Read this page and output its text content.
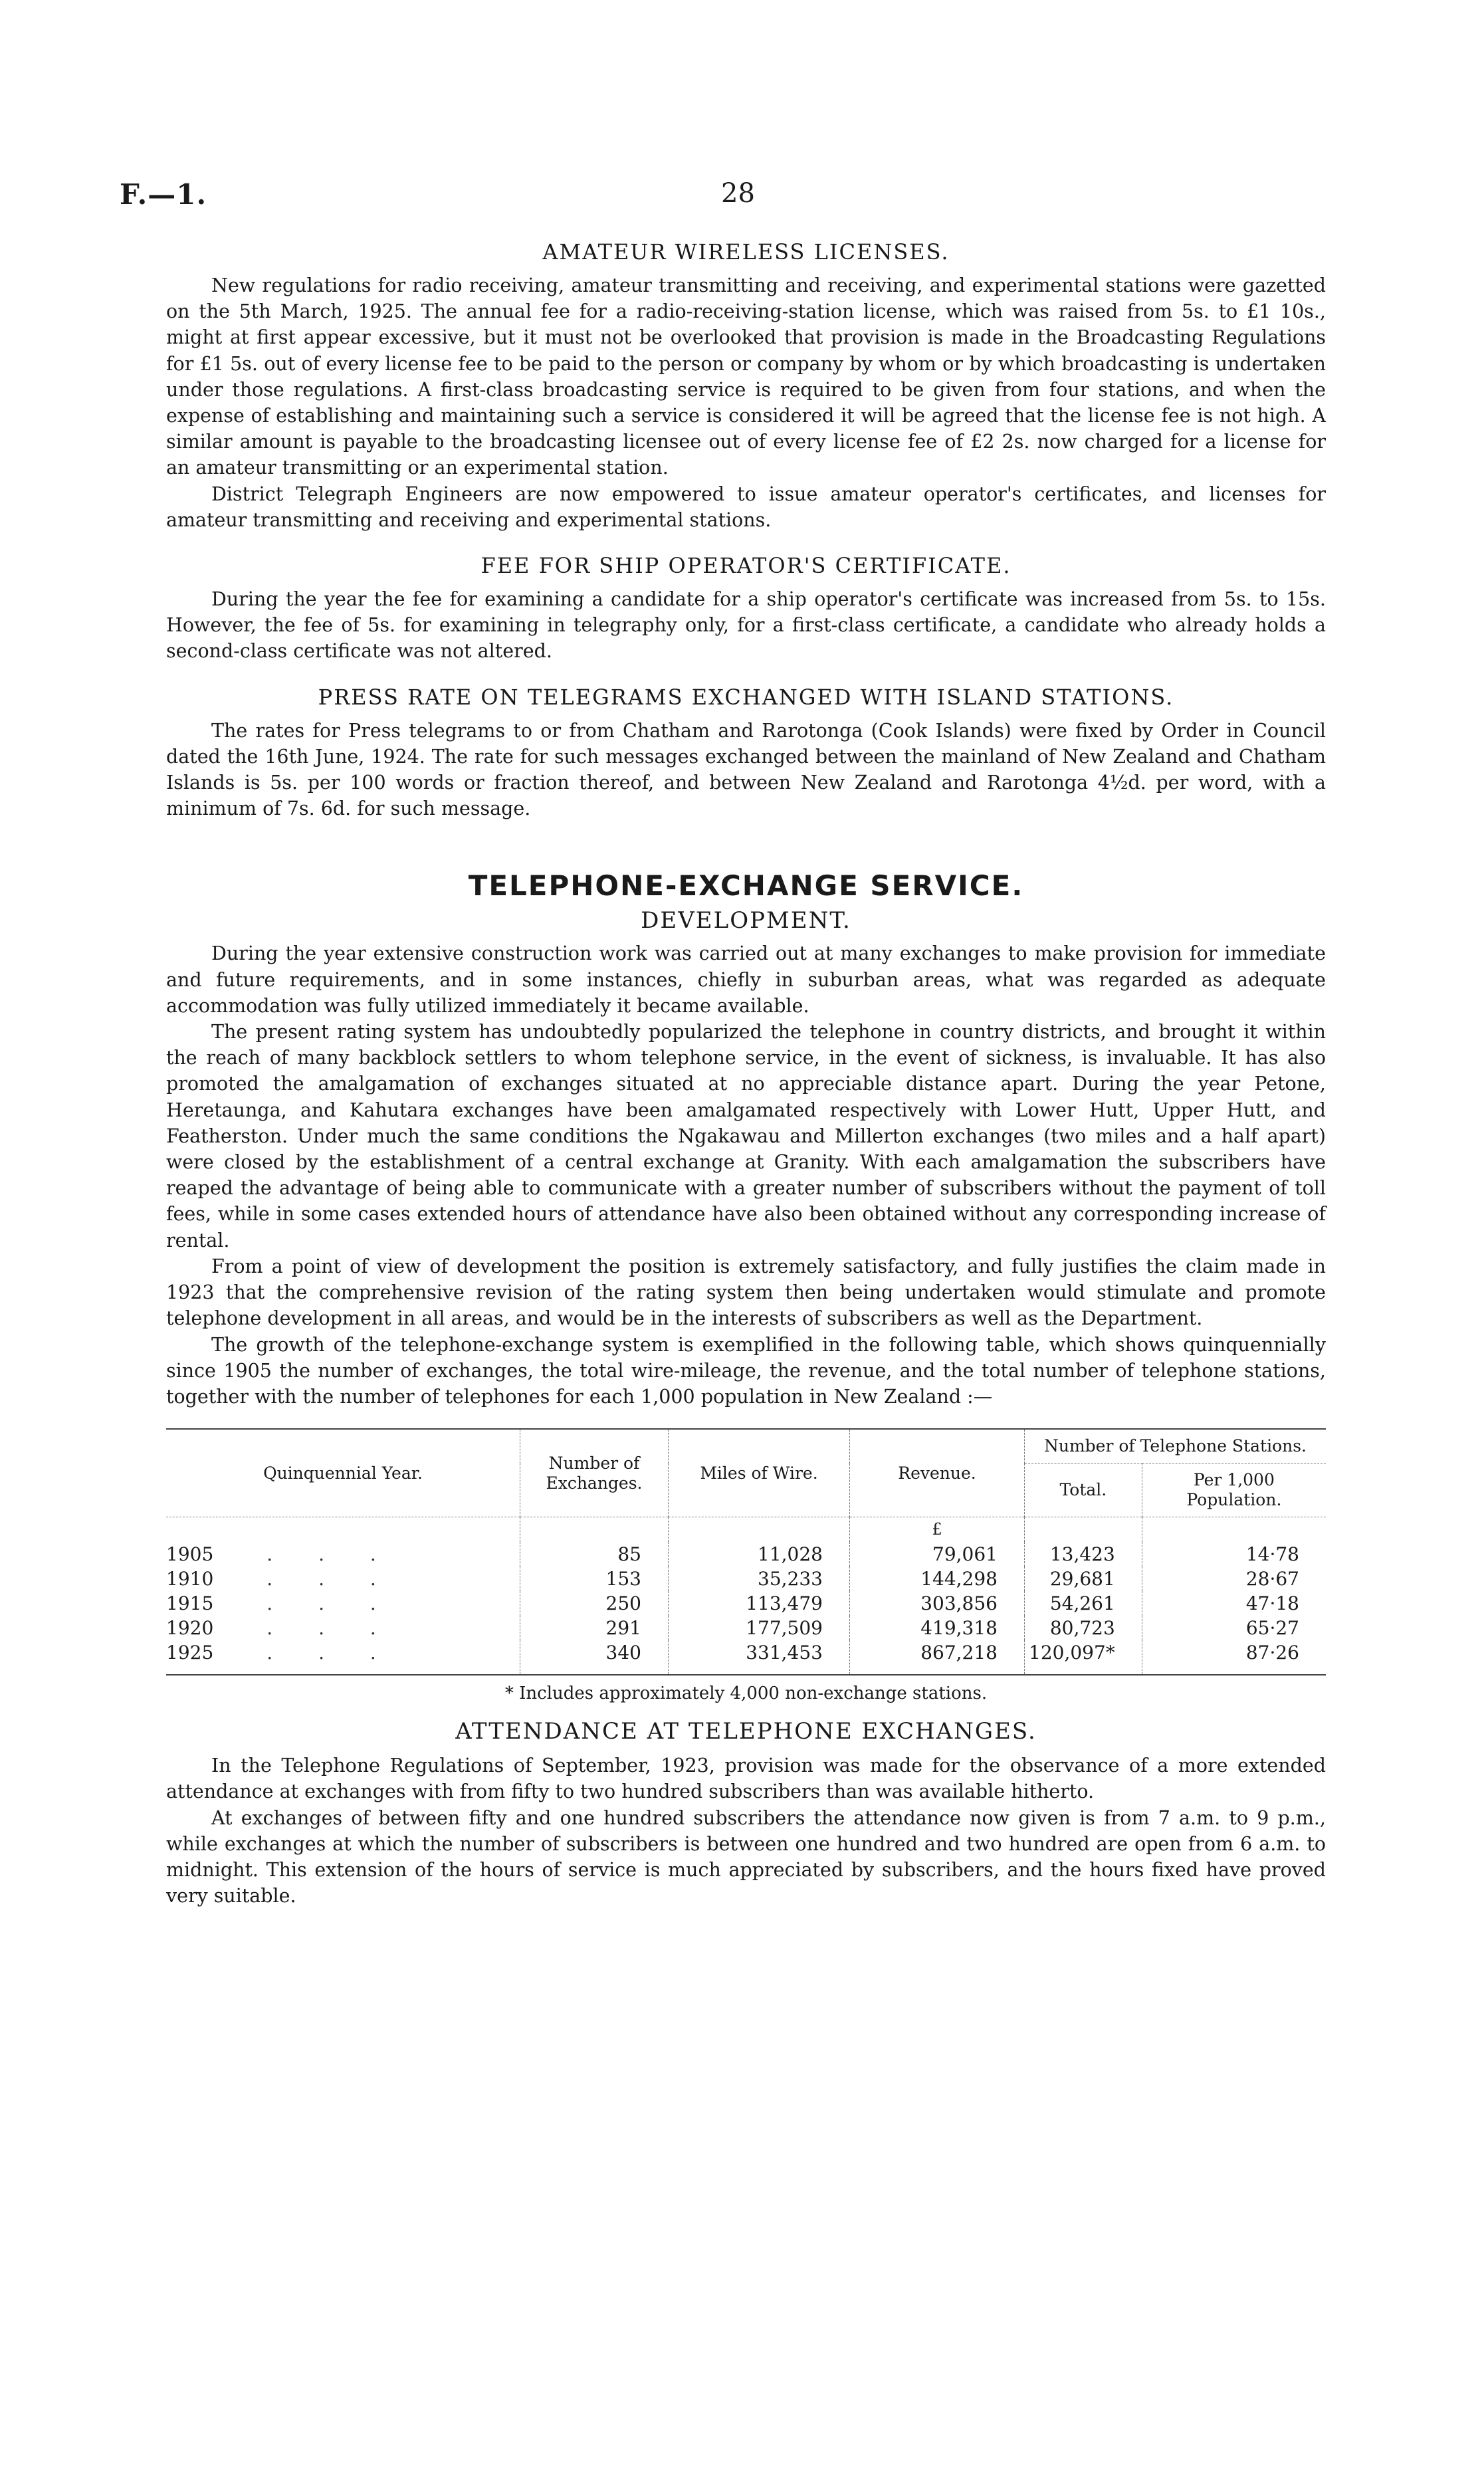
F.—1.	28
AMATEUR WIRELESS LICENSES.

New regulations for radio receiving, amateur transmitting and receiving, and experimental stations were gazetted on the 5th March, 1925. The annual fee for a radio-receiving-station license, which was raised from 5s. to £1 10s., might at first appear excessive, but it must not be overlooked that provision is made in the Broadcasting Regulations for £1 5s. out of every license fee to be paid to the person or company by whom or by which broadcasting is undertaken under those regulations. A first-class broadcasting service is required to be given from four stations, and when the expense of establishing and maintaining such a service is considered it will be agreed that the license fee is not high. A similar amount is payable to the broadcasting licensee out of every license fee of £2 2s. now charged for a license for an amateur transmitting or an experimental station.

District Telegraph Engineers are now empowered to issue amateur operator's certificates, and licenses for amateur transmitting and receiving and experimental stations.

FEE FOR SHIP OPERATOR'S CERTIFICATE.

During the year the fee for examining a candidate for a ship operator's certificate was increased from 5s. to 15s. However, the fee of 5s. for examining in telegraphy only, for a first-class certificate, a candidate who already holds a second-class certificate was not altered.

PRESS RATE ON TELEGRAMS EXCHANGED WITH ISLAND STATIONS.

The rates for Press telegrams to or from Chatham and Rarotonga (Cook Islands) were fixed by Order in Council dated the 16th June, 1924. The rate for such messages exchanged between the mainland of New Zealand and Chatham Islands is 5s. per 100 words or fraction thereof, and between New Zealand and Rarotonga 4½d. per word, with a minimum of 7s. 6d. for such message.

TELEPHONE-EXCHANGE SERVICE.
DEVELOPMENT.

During the year extensive construction work was carried out at many exchanges to make provision for immediate and future requirements, and in some instances, chiefly in suburban areas, what was regarded as adequate accommodation was fully utilized immediately it became available.

The present rating system has undoubtedly popularized the telephone in country districts, and brought it within the reach of many backblock settlers to whom telephone service, in the event of sickness, is invaluable. It has also promoted the amalgamation of exchanges situated at no appreciable distance apart. During the year Petone, Heretaunga, and Kahutara exchanges have been amalgamated respectively with Lower Hutt, Upper Hutt, and Featherston. Under much the same conditions the Ngakawau and Millerton exchanges (two miles and a half apart) were closed by the establishment of a central exchange at Granity. With each amalgamation the subscribers have reaped the advantage of being able to communicate with a greater number of subscribers without the payment of toll fees, while in some cases extended hours of attendance have also been obtained without any corresponding increase of rental.

From a point of view of development the position is extremely satisfactory, and fully justifies the claim made in 1923 that the comprehensive revision of the rating system then being undertaken would stimulate and promote telephone development in all areas, and would be in the interests of subscribers as well as the Department.

The growth of the telephone-exchange system is exemplified in the following table, which shows quinquennially since 1905 the number of exchanges, the total wire-mileage, the revenue, and the total number of telephone stations, together with the number of telephones for each 1,000 population in New Zealand :—

Quinquennial Year.	Number of Exchanges.	Miles of Wire.	Revenue.	Number of Telephone Stations.	
				Total.	Per 1,000 Population.
			£		
1905 . . .	85	11,028	79,061	13,423	14·78
1910 . . .	153	35,233	144,298	29,681	28·67
1915 . . .	250	113,479	303,856	54,261	47·18
1920 . . .	291	177,509	419,318	80,723	65·27
1925 . . .	340	331,453	867,218	120,097*	87·26
* Includes approximately 4,000 non-exchange stations.
ATTENDANCE AT TELEPHONE EXCHANGES.

In the Telephone Regulations of September, 1923, provision was made for the observance of a more extended attendance at exchanges with from fifty to two hundred subscribers than was available hitherto.

At exchanges of between fifty and one hundred subscribers the attendance now given is from 7 a.m. to 9 p.m., while exchanges at which the number of subscribers is between one hundred and two hundred are open from 6 a.m. to midnight. This extension of the hours of service is much appreciated by subscribers, and the hours fixed have proved very suitable.
